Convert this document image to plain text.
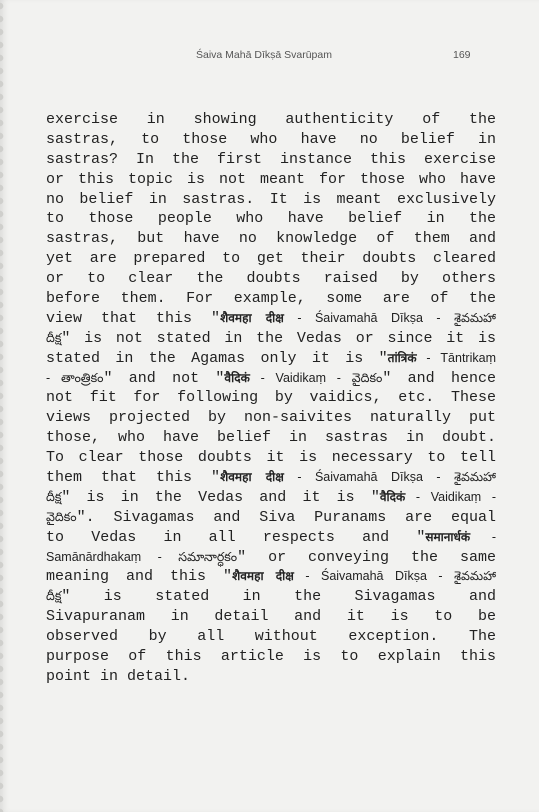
Śaiva Mahā Dīkṣā Svarūpam	169
exercise in showing authenticity of the
sastras, to those who have no belief in
sastras? In the first instance this exercise
or this topic is not meant for those who have
no belief in sastras. It is meant exclusively
to those people who have belief in the
sastras, but have no knowledge of them and
yet are prepared to get their doubts cleared
or to clear the doubts raised by others
before them. For example, some are of the
view that this "शैवमहा दीक्ष - Śaivamahā Dīkṣa - శైవమహా
దీక్ష" is not stated in the Vedas or since it is
stated in the Agamas only it is "तांत्रिकं - Tāntrikaṃ
- తాంత్రికం" and not "वैदिकं - Vaidikaṃ - వైదికం" and hence
not fit for following by vaidics, etc. These
views projected by non-saivites naturally put
those, who have belief in sastras in doubt.
To clear those doubts it is necessary to tell
them that this "शैवमहा दीक्ष - Śaivamahā Dīkṣa - శైవమహా
దీక్ష" is in the Vedas and it is "वैदिकं - Vaidikaṃ -
వైదికం". Sivagamas and Siva Puranams are equal
to Vedas in all respects and "समानार्धकं -
Samānārdhakaṃ - సమానార్ధకం" or conveying the same
meaning and this "शैवमहा दीक्ष - Śaivamahā Dīkṣa - శైవమహా
దీక్ష" is stated in the Sivagamas and
Sivapuranam in detail and it is to be
observed by all without exception. The
purpose of this article is to explain this
point in detail.
